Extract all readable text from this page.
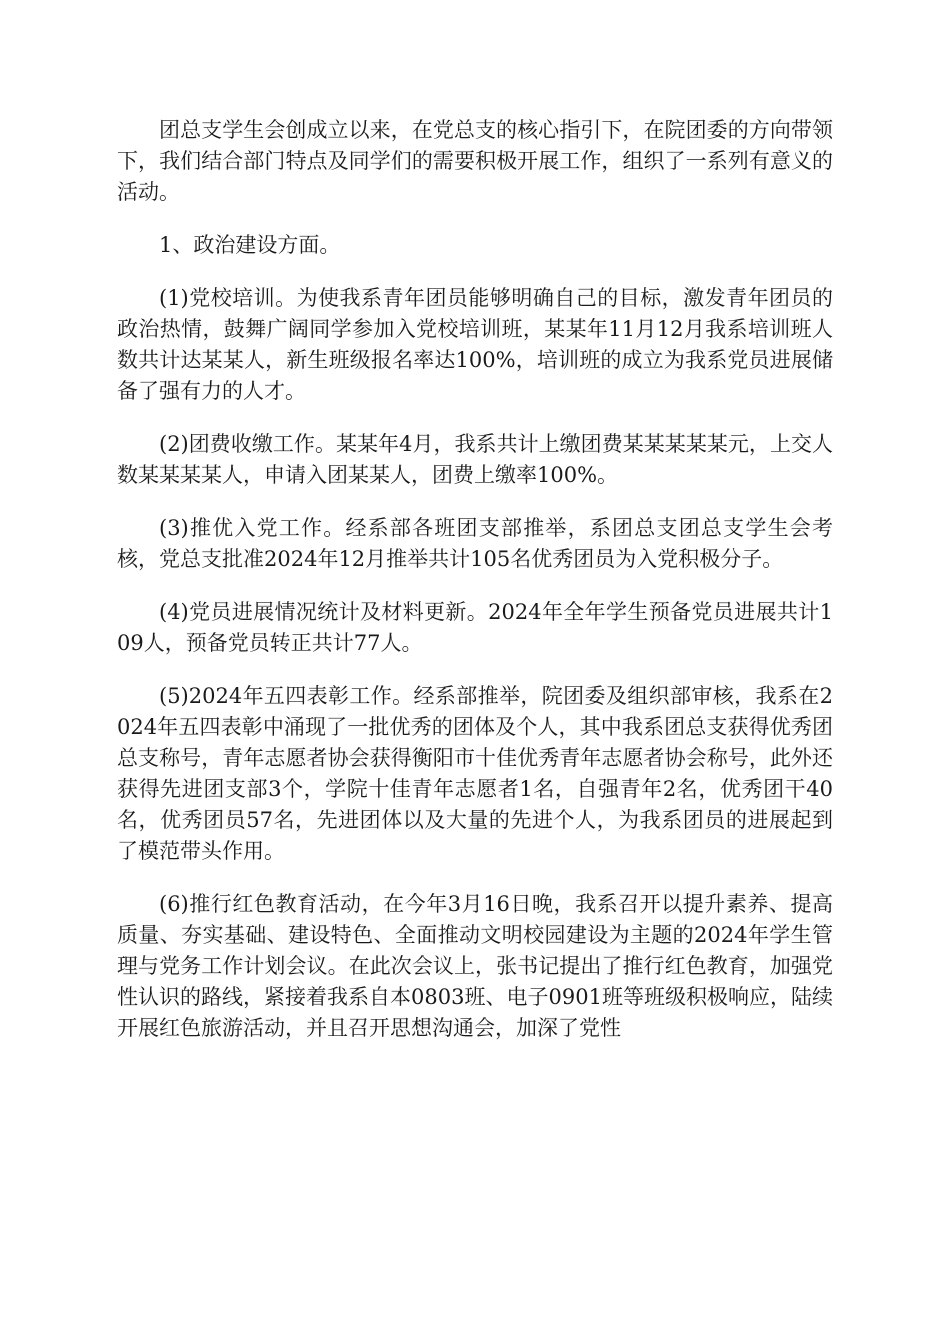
团总支学生会创成立以来，在党总支的核心指引下，在院团委的方向带领下，我们结合部门特点及同学们的需要积极开展工作，组织了一系列有意义的活动。

1、政治建设方面。

(1)党校培训。为使我系青年团员能够明确自己的目标，激发青年团员的政治热情，鼓舞广阔同学参加入党校培训班，某某年11月12月我系培训班人数共计达某某人，新生班级报名率达100%，培训班的成立为我系党员进展储备了强有力的人才。

(2)团费收缴工作。某某年4月，我系共计上缴团费某某某某某元，上交人数某某某某人，申请入团某某人，团费上缴率100%。

(3)推优入党工作。经系部各班团支部推举，系团总支团总支学生会考核，党总支批准2024年12月推举共计105名优秀团员为入党积极分子。

(4)党员进展情况统计及材料更新。2024年全年学生预备党员进展共计109人，预备党员转正共计77人。

(5)2024年五四表彰工作。经系部推举，院团委及组织部审核，我系在2024年五四表彰中涌现了一批优秀的团体及个人，其中我系团总支获得优秀团总支称号，青年志愿者协会获得衡阳市十佳优秀青年志愿者协会称号，此外还获得先进团支部3个，学院十佳青年志愿者1名，自强青年2名，优秀团干40名，优秀团员57名，先进团体以及大量的先进个人，为我系团员的进展起到了模范带头作用。

(6)推行红色教育活动，在今年3月16日晚，我系召开以提升素养、提高质量、夯实基础、建设特色、全面推动文明校园建设为主题的2024年学生管理与党务工作计划会议。在此次会议上，张书记提出了推行红色教育，加强党性认识的路线，紧接着我系自本0803班、电子0901班等班级积极响应，陆续开展红色旅游活动，并且召开思想沟通会，加深了党性
